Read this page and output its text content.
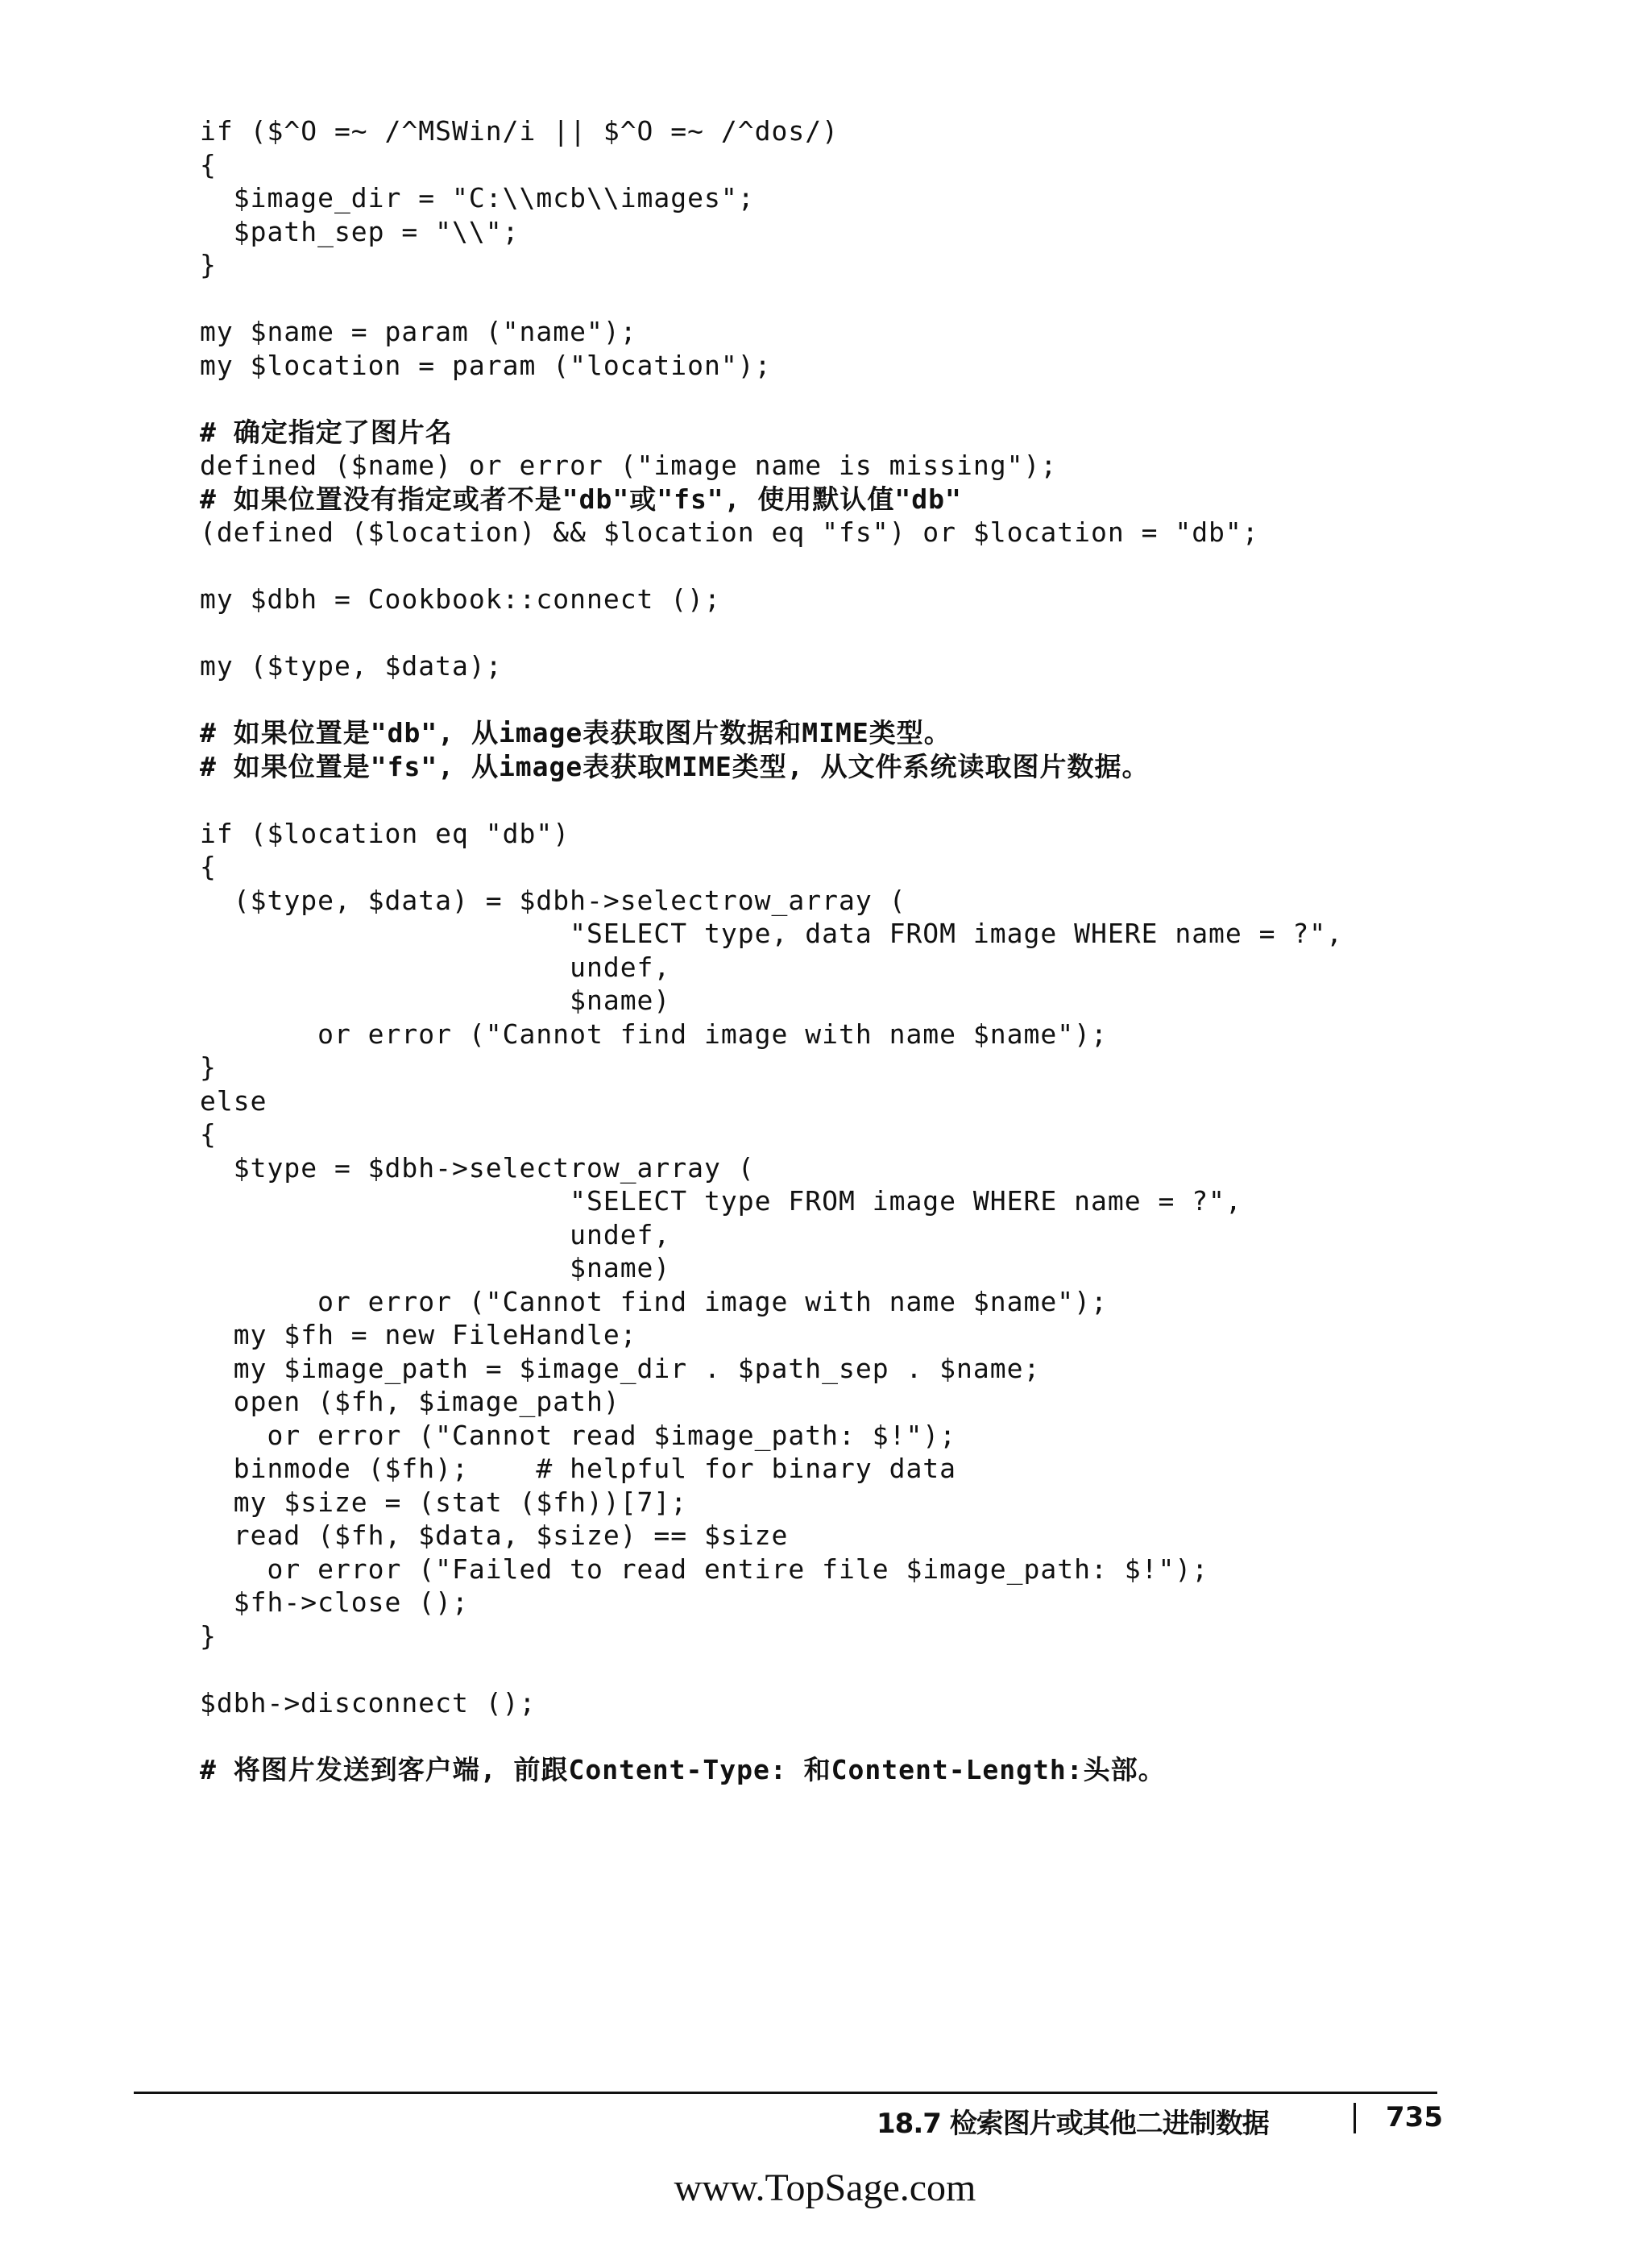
if ($^O =~ /^MSWin/i || $^O =~ /^dos/)
{
$image_dir = "C:\\mcb\\images";
$path_sep = "\\";
}
my $name = param ("name");
my $location = param ("location");
# 确定指定了图片名
defined ($name) or error ("image name is missing");
# 如果位置没有指定或者不是"db"或"fs", 使用默认值"db"
(defined ($location) && $location eq "fs") or $location = "db";
my $dbh = Cookbook::connect ();
my ($type, $data);
# 如果位置是"db", 从image表获取图片数据和MIME类型。
# 如果位置是"fs", 从image表获取MIME类型, 从文件系统读取图片数据。
if ($location eq "db")
{
($type, $data) = $dbh->selectrow_array (
"SELECT type, data FROM image WHERE name = ?",
undef,
$name)
or error ("Cannot find image with name $name");
}
else
{
$type = $dbh->selectrow_array (
"SELECT type FROM image WHERE name = ?",
undef,
$name)
or error ("Cannot find image with name $name");
my $fh = new FileHandle;
my $image_path = $image_dir . $path_sep . $name;
open ($fh, $image_path)
or error ("Cannot read $image_path: $!");
binmode ($fh);    # helpful for binary data
my $size = (stat ($fh))[7];
read ($fh, $data, $size) == $size
or error ("Failed to read entire file $image_path: $!");
$fh->close ();
}
$dbh->disconnect ();
# 将图片发送到客户端, 前跟Content-Type: 和Content-Length:头部。
18.7 检索图片或其他二进制数据	735
www.TopSage.com
